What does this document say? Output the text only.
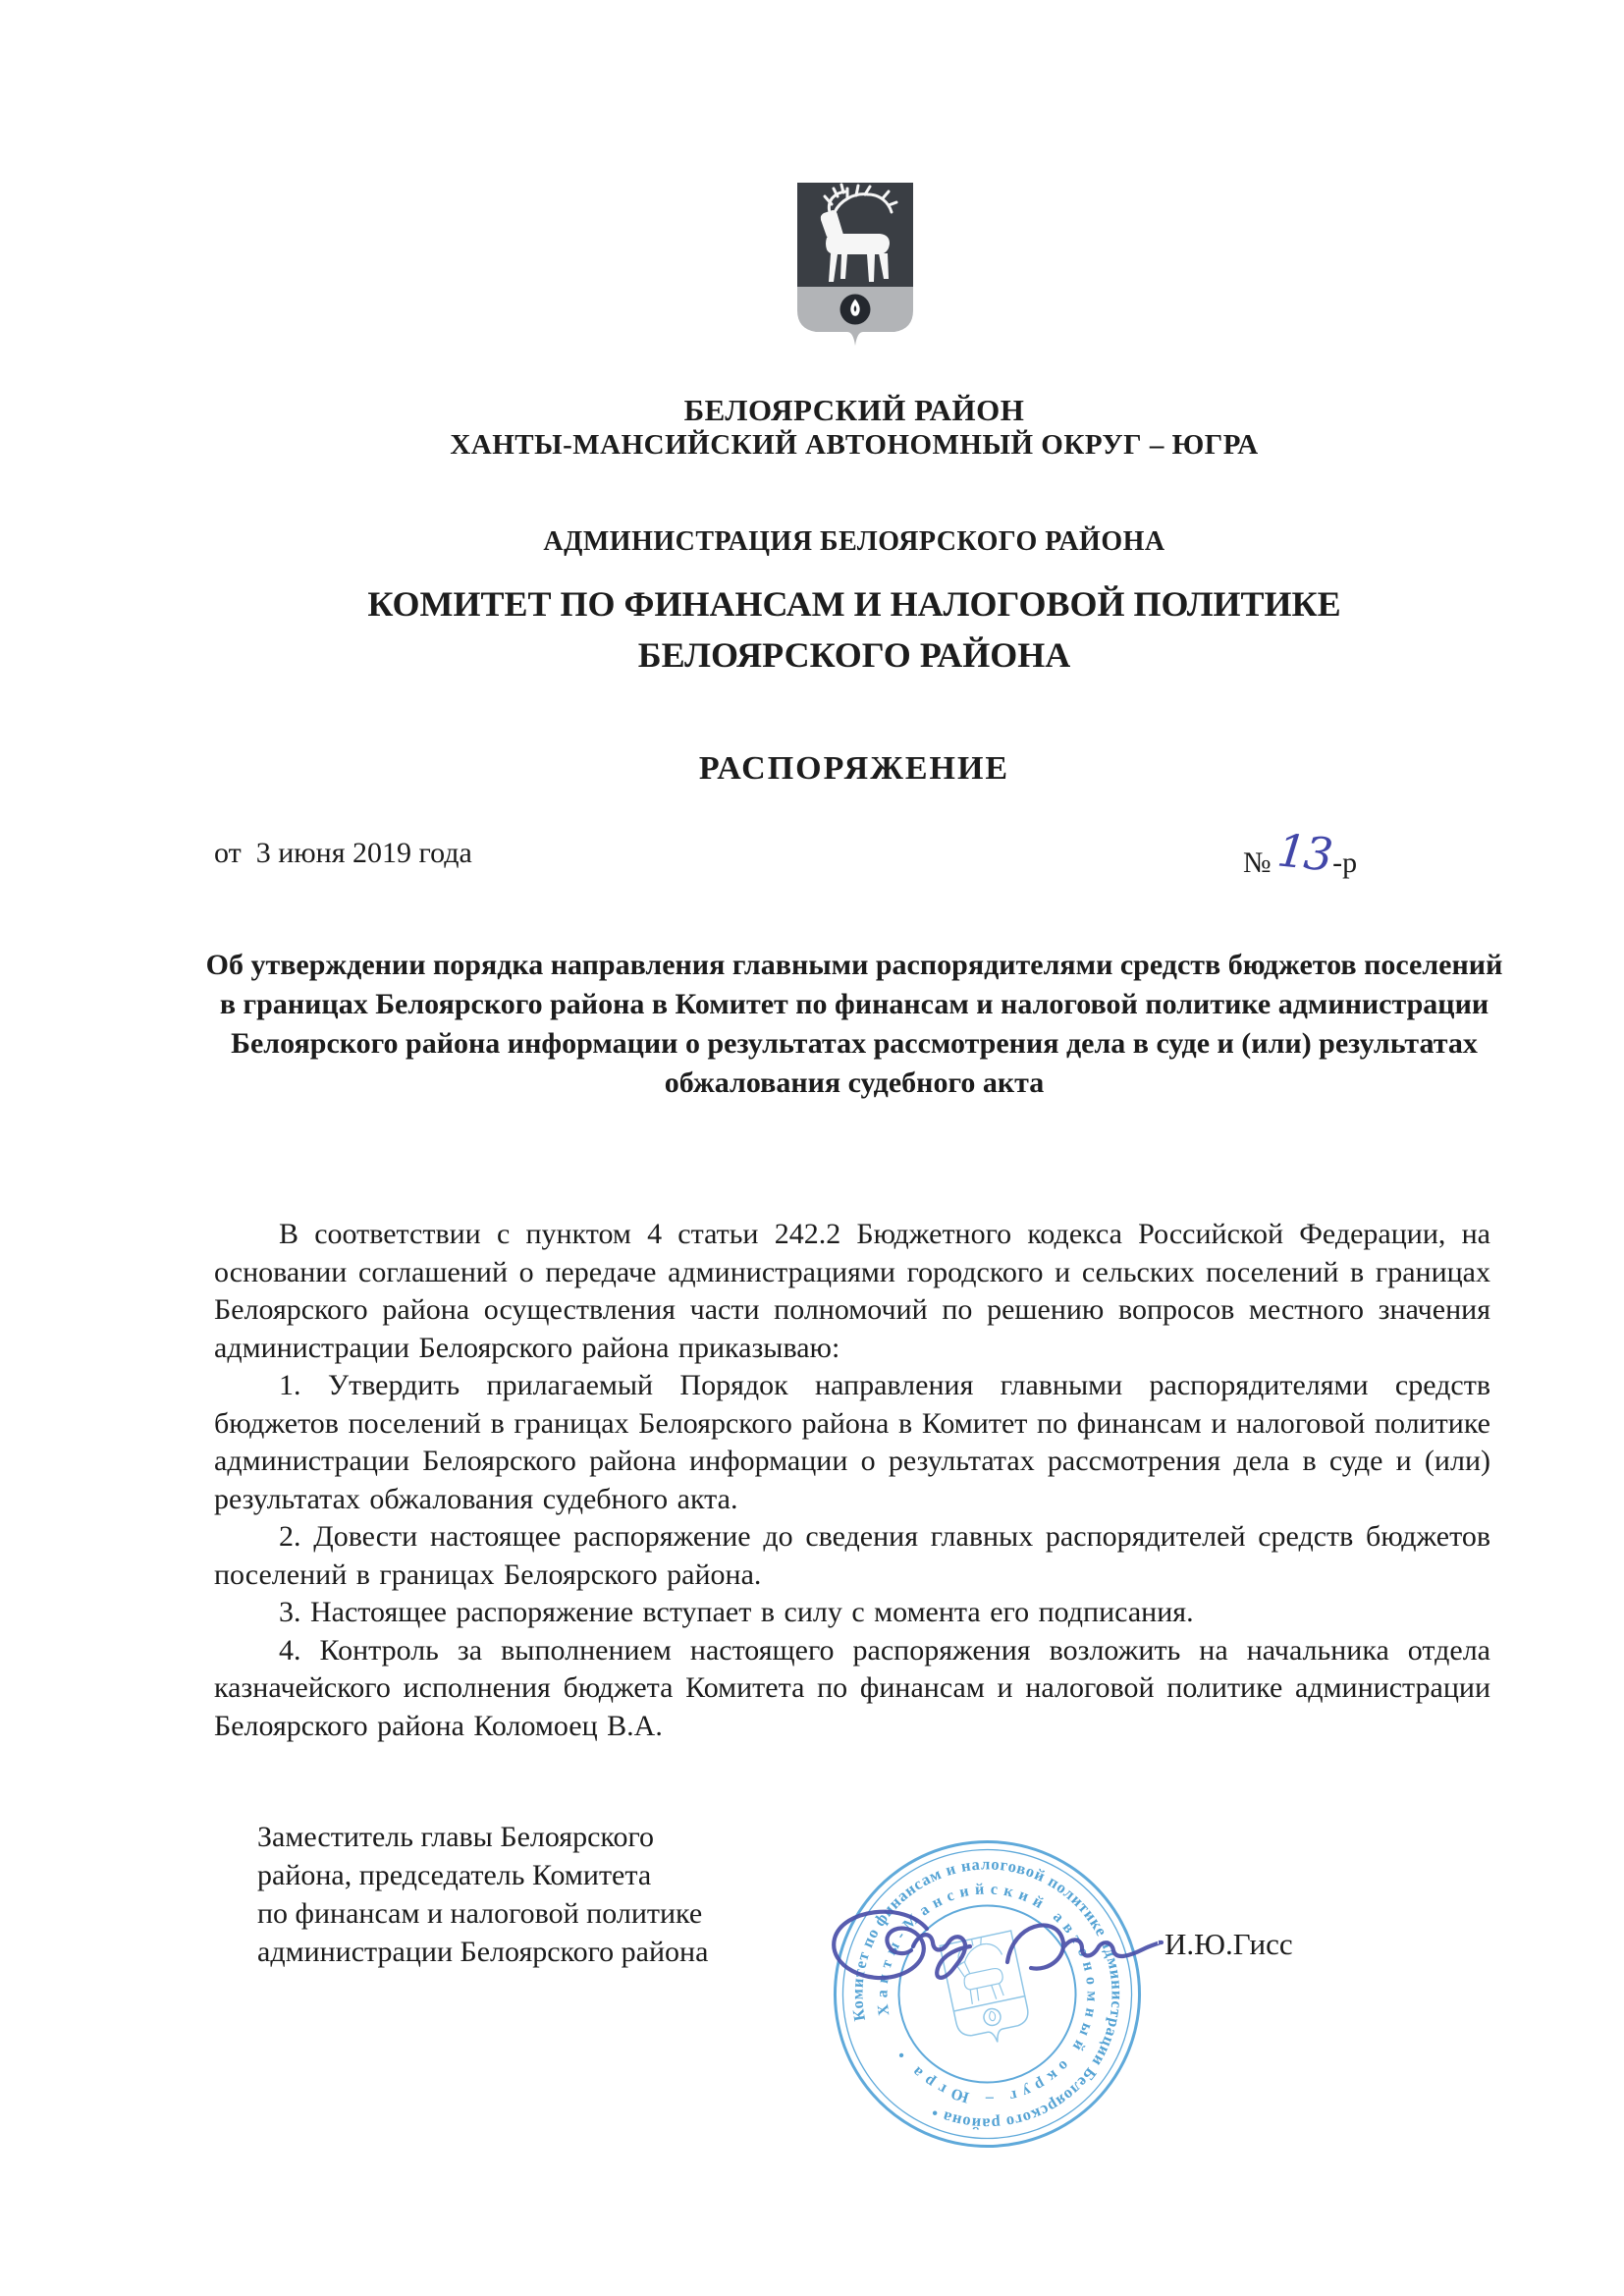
БЕЛОЯРСКИЙ РАЙОН
ХАНТЫ-МАНСИЙСКИЙ АВТОНОМНЫЙ ОКРУГ – ЮГРА
АДМИНИСТРАЦИЯ БЕЛОЯРСКОГО РАЙОНА
КОМИТЕТ ПО ФИНАНСАМ И НАЛОГОВОЙ ПОЛИТИКЕ
БЕЛОЯРСКОГО РАЙОНА
РАСПОРЯЖЕНИЕ
от  3 июня 2019 года	№ 13 -р
Об утверждении порядка направления главными распорядителями средств бюджетов поселений в границах Белоярского района в Комитет по финансам и налоговой политике администрации Белоярского района информации о результатах рассмотрения дела в суде и (или) результатах обжалования судебного акта

В соответствии с пунктом 4 статьи 242.2 Бюджетного кодекса Российской Федерации, на основании соглашений о передаче администрациями городского и сельских поселений в границах Белоярского района осуществления части полномочий по решению вопросов местного значения администрации Белоярского района приказываю:

1. Утвердить прилагаемый Порядок направления главными распорядителями средств бюджетов поселений в границах Белоярского района в Комитет по финансам и налоговой политике администрации Белоярского района информации о результатах рассмотрения дела в суде и (или) результатах обжалования судебного акта.

2. Довести настоящее распоряжение до сведения главных распорядителей средств бюджетов поселений в границах Белоярского района.

3. Настоящее распоряжение вступает в силу с момента его подписания.

4. Контроль за выполнением настоящего распоряжения возложить на начальника отдела казначейского исполнения бюджета Комитета по финансам и налоговой политике администрации Белоярского района Коломоец В.А.

Заместитель главы Белоярского
района, председатель Комитета
по финансам и налоговой политике
администрации Белоярского района
Комитет по финансам и налоговой политике администрации Белоярского района •
Ханты-Мансийский автономный округ – Югра •
И.Ю.Гисс
